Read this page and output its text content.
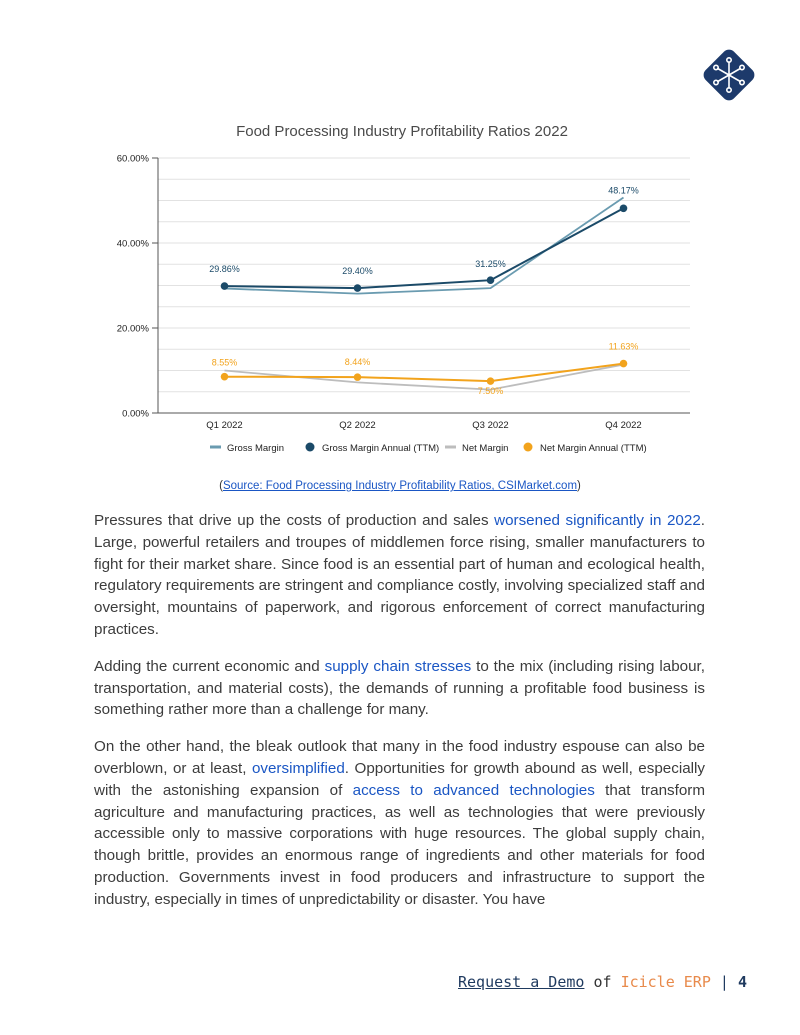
Food Processing Industry Profitability Ratios 2022
0.00%
20.00%
40.00%
60.00%
Q1 2022	Q2 2022	Q3 2022	Q4 2022
29.86%	29.40%
31.25%
48.17%
8.55%	8.44%
7.50%
11.63%
Gross Margin	Gross Margin Annual (TTM) Net Margin	Net Margin Annual (TTM)
(Source: Food Processing Industry Profitability Ratios, CSIMarket.com)

Pressures that drive up the costs of production and sales worsened significantly in 2022. Large, powerful retailers and troupes of middlemen force rising, smaller manufacturers to fight for their market share. Since food is an essential part of human and ecological health, regulatory requirements are stringent and compliance costly, involving specialized staff and oversight, mountains of paperwork, and rigorous enforcement of correct manufacturing practices.

Adding the current economic and supply chain stresses to the mix (including rising labour, transportation, and material costs), the demands of running a profitable food business is something rather more than a challenge for many.

On the other hand, the bleak outlook that many in the food industry espouse can also be overblown, or at least, oversimplified. Opportunities for growth abound as well, especially with the astonishing expansion of access to advanced technologies that transform agriculture and manufacturing practices, as well as technologies that were previously accessible only to massive corporations with huge resources. The global supply chain, though brittle, provides an enormous range of ingredients and other materials for food production. Governments invest in food producers and infrastructure to support the industry, especially in times of unpredictability or disaster. You have

Request a Demo of Icicle ERP | 4
